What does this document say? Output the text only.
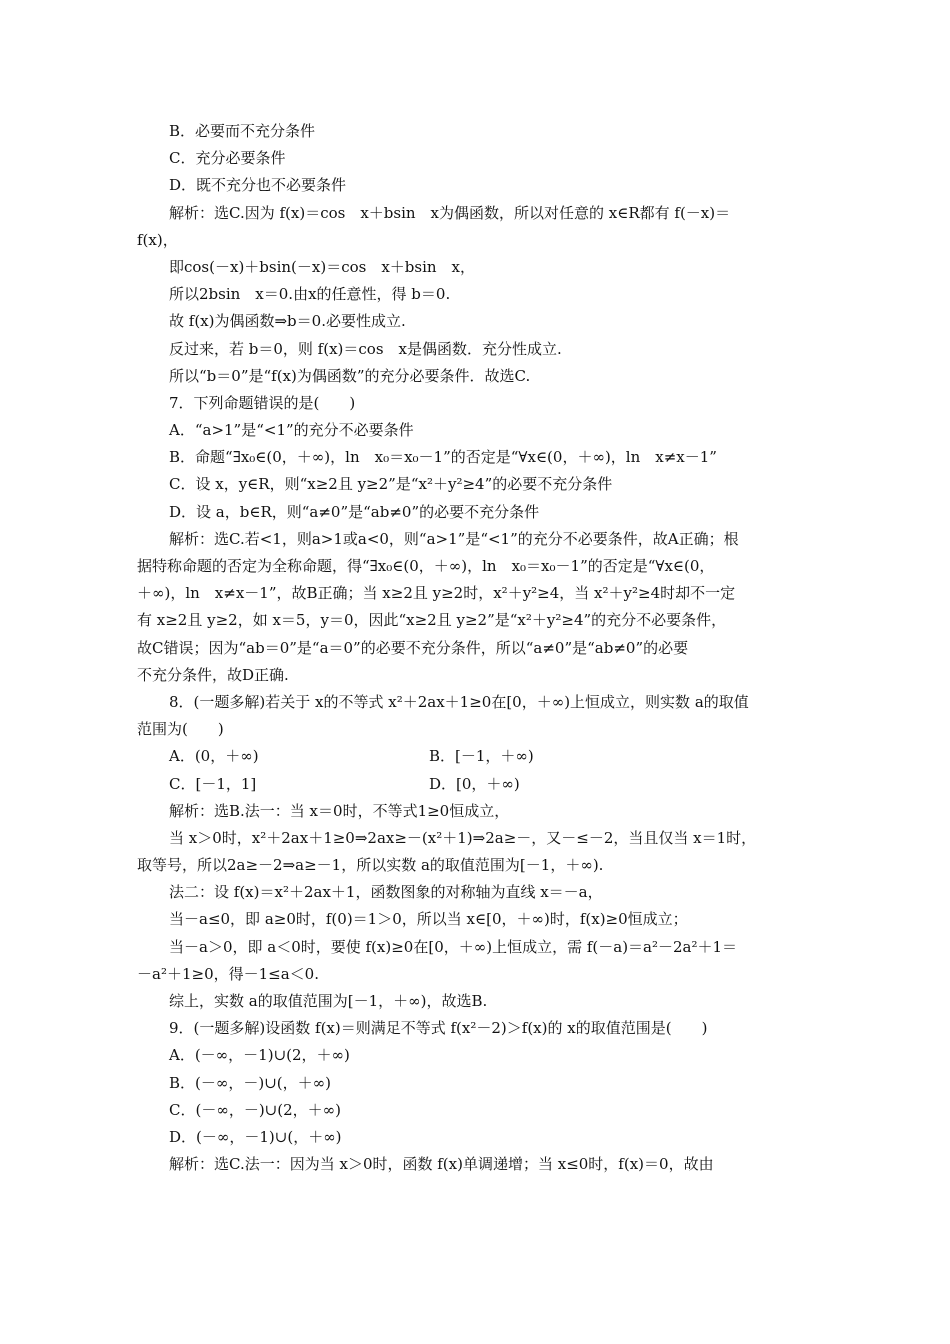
B．必要而不充分条件
C．充分必要条件
D．既不充分也不必要条件
解析：选C.因为 f(x)＝cos　x＋bsin　x为偶函数，所以对任意的 x∈R都有 f(－x)＝
f(x)，
即cos(－x)＋bsin(－x)＝cos　x＋bsin　x，
所以2bsin　x＝0.由x的任意性，得 b＝0.
故 f(x)为偶函数⇒b＝0.必要性成立.
反过来，若 b＝0，则 f(x)＝cos　x是偶函数．充分性成立.
所以“b＝0”是“f(x)为偶函数”的充分必要条件．故选C.
7．下列命题错误的是(　　)
A．“a>1”是“<1”的充分不必要条件
B．命题“∃x₀∈(0，＋∞)，ln　x₀＝x₀－1”的否定是“∀x∈(0，＋∞)，ln　x≠x－1”
C．设 x，y∈R，则“x≥2且 y≥2”是“x²＋y²≥4”的必要不充分条件
D．设 a，b∈R，则“a≠0”是“ab≠0”的必要不充分条件
解析：选C.若<1，则a>1或a<0，则“a>1”是“<1”的充分不必要条件，故A正确；根
据特称命题的否定为全称命题，得“∃x₀∈(0，＋∞)，ln　x₀＝x₀－1”的否定是“∀x∈(0，
＋∞)，ln　x≠x－1”，故B正确；当 x≥2且 y≥2时，x²＋y²≥4，当 x²＋y²≥4时却不一定
有 x≥2且 y≥2，如 x＝5，y＝0，因此“x≥2且 y≥2”是“x²＋y²≥4”的充分不必要条件，
故C错误；因为“ab＝0”是“a＝0”的必要不充分条件，所以“a≠0”是“ab≠0”的必要
不充分条件，故D正确.
8．(一题多解)若关于 x的不等式 x²＋2ax＋1≥0在[0，＋∞)上恒成立，则实数 a的取值
范围为(　　)
A．(0，＋∞)	B．[－1，＋∞)
C．[－1，1]	D．[0，＋∞)
解析：选B.法一：当 x＝0时，不等式1≥0恒成立，
当 x＞0时，x²＋2ax＋1≥0⇒2ax≥－(x²＋1)⇒2a≥－，又－≤－2，当且仅当 x＝1时，
取等号，所以2a≥－2⇒a≥－1，所以实数 a的取值范围为[－1，＋∞).
法二：设 f(x)＝x²＋2ax＋1，函数图象的对称轴为直线 x＝－a，
当－a≤0，即 a≥0时，f(0)＝1＞0，所以当 x∈[0，＋∞)时，f(x)≥0恒成立；
当－a＞0，即 a＜0时，要使 f(x)≥0在[0，＋∞)上恒成立，需 f(－a)＝a²－2a²＋1＝
－a²＋1≥0，得－1≤a＜0.
综上，实数 a的取值范围为[－1，＋∞)，故选B.
9．(一题多解)设函数 f(x)＝则满足不等式 f(x²－2)＞f(x)的 x的取值范围是(　　)
A．(－∞，－1)∪(2，＋∞)
B．(－∞，－)∪(，＋∞)
C．(－∞，－)∪(2，＋∞)
D．(－∞，－1)∪(，＋∞)
解析：选C.法一：因为当 x＞0时，函数 f(x)单调递增；当 x≤0时，f(x)＝0，故由
